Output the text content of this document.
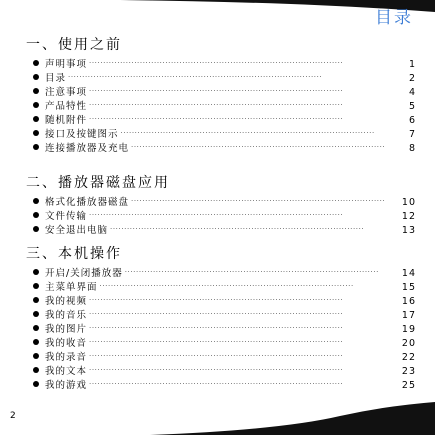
目录
一、使用之前
声明事项 ··························································································	1
目录 ··························································································	2
注意事项 ··························································································	4
产品特性 ··························································································	5
随机附件 ··························································································	6
接口及按键图示 ··························································································	7
连接播放器及充电 ··························································································	8
二、播放器磁盘应用
格式化播放器磁盘 ··························································································	10
文件传输 ··························································································	12
安全退出电脑 ··························································································	13
三、本机操作
开启/关闭播放器 ··························································································	14
主菜单界面 ··························································································	15
我的视频 ··························································································	16
我的音乐 ··························································································	17
我的图片 ··························································································	19
我的收音 ··························································································	20
我的录音 ··························································································	22
我的文本 ··························································································	23
我的游戏 ··························································································	25
2
